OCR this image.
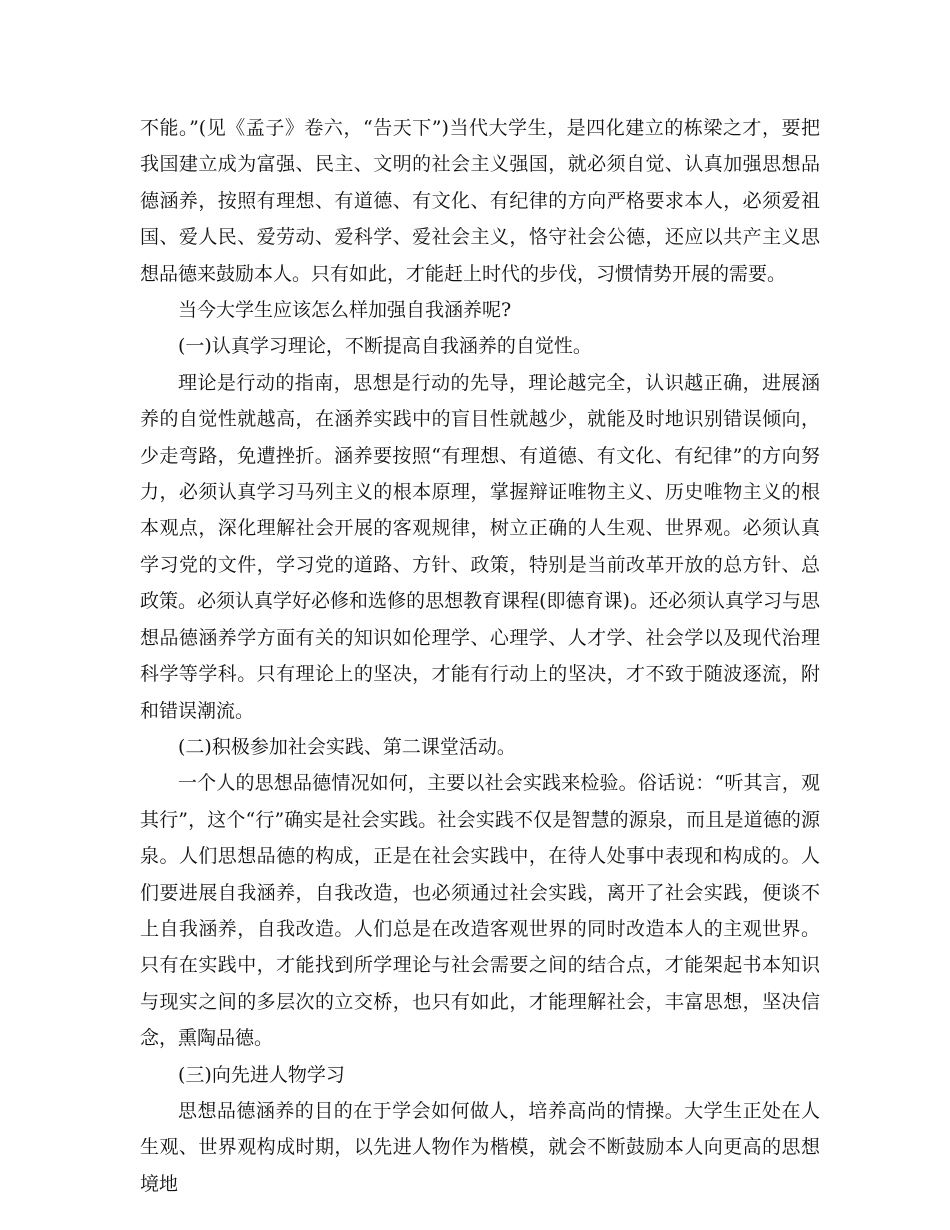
不能。”(见《孟子》卷六，“告天下”)当代大学生，是四化建立的栋梁之才，要把我国建立成为富强、民主、文明的社会主义强国，就必须自觉、认真加强思想品德涵养，按照有理想、有道德、有文化、有纪律的方向严格要求本人，必须爱祖国、爱人民、爱劳动、爱科学、爱社会主义，恪守社会公德，还应以共产主义思想品德来鼓励本人。只有如此，才能赶上时代的步伐，习惯情势开展的需要。

当今大学生应该怎么样加强自我涵养呢?

(一)认真学习理论，不断提高自我涵养的自觉性。

理论是行动的指南，思想是行动的先导，理论越完全，认识越正确，进展涵养的自觉性就越高，在涵养实践中的盲目性就越少，就能及时地识别错误倾向，少走弯路，免遭挫折。涵养要按照“有理想、有道德、有文化、有纪律”的方向努力，必须认真学习马列主义的根本原理，掌握辩证唯物主义、历史唯物主义的根本观点，深化理解社会开展的客观规律，树立正确的人生观、世界观。必须认真学习党的文件，学习党的道路、方针、政策，特别是当前改革开放的总方针、总政策。必须认真学好必修和选修的思想教育课程(即德育课)。还必须认真学习与思想品德涵养学方面有关的知识如伦理学、心理学、人才学、社会学以及现代治理科学等学科。只有理论上的坚决，才能有行动上的坚决，才不致于随波逐流，附和错误潮流。

(二)积极参加社会实践、第二课堂活动。

一个人的思想品德情况如何，主要以社会实践来检验。俗话说：“听其言，观其行”，这个“行”确实是社会实践。社会实践不仅是智慧的源泉，而且是道德的源泉。人们思想品德的构成，正是在社会实践中，在待人处事中表现和构成的。人们要进展自我涵养，自我改造，也必须通过社会实践，离开了社会实践，便谈不上自我涵养，自我改造。人们总是在改造客观世界的同时改造本人的主观世界。只有在实践中，才能找到所学理论与社会需要之间的结合点，才能架起书本知识与现实之间的多层次的立交桥，也只有如此，才能理解社会，丰富思想，坚决信念，熏陶品德。

(三)向先进人物学习

思想品德涵养的目的在于学会如何做人，培养高尚的情操。大学生正处在人生观、世界观构成时期，以先进人物作为楷模，就会不断鼓励本人向更高的思想境地
